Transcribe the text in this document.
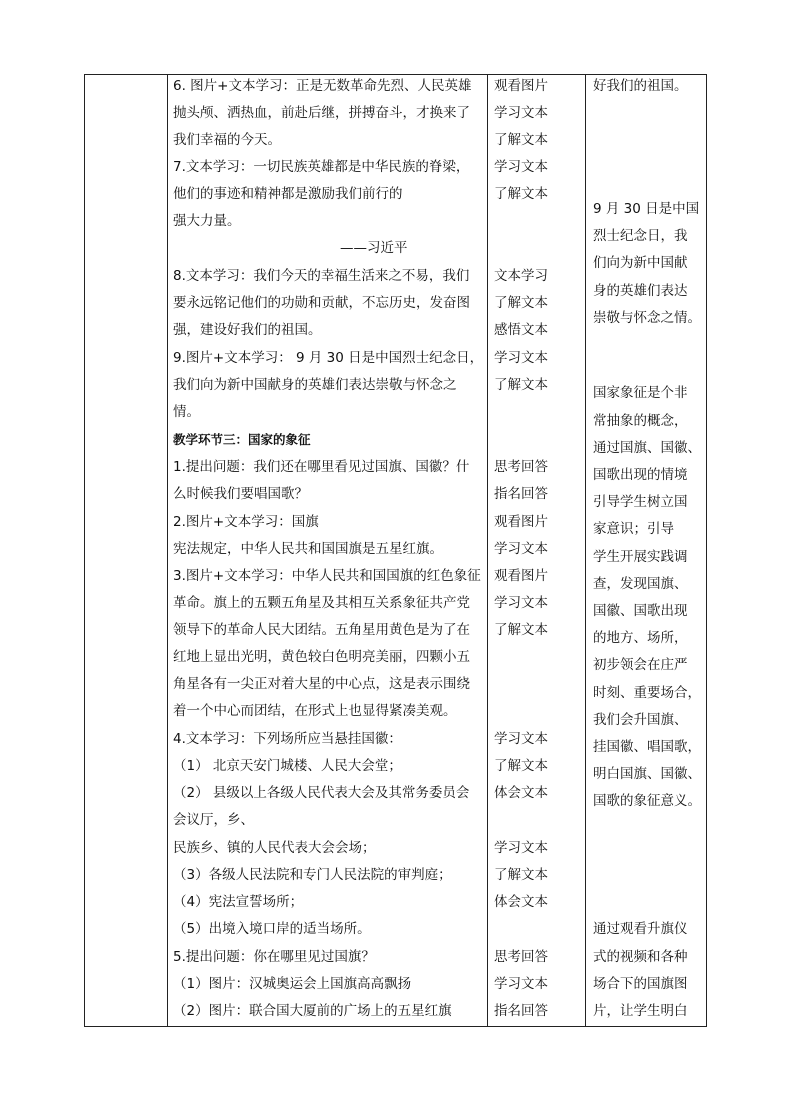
6. 图片+文本学习：正是无数革命先烈、人民英雄
抛头颅、洒热血，前赴后继，拼搏奋斗，才换来了
我们幸福的今天。
7.文本学习：一切民族英雄都是中华民族的脊梁，
他们的事迹和精神都是激励我们前行的
强大力量。
——习近平
8.文本学习：我们今天的幸福生活来之不易，我们
要永远铭记他们的功勋和贡献，不忘历史，发奋图
强，建设好我们的祖国。
9.图片+文本学习： 9 月 30 日是中国烈士纪念日，
我们向为新中国献身的英雄们表达崇敬与怀念之
情。
教学环节三：国家的象征
1.提出问题：我们还在哪里看见过国旗、国徽？什
么时候我们要唱国歌？
2.图片+文本学习：国旗
宪法规定，中华人民共和国国旗是五星红旗。
3.图片+文本学习：中华人民共和国国旗的红色象征
革命。旗上的五颗五角星及其相互关系象征共产党
领导下的革命人民大团结。五角星用黄色是为了在
红地上显出光明，黄色较白色明亮美丽，四颗小五
角星各有一尖正对着大星的中心点，这是表示围绕
着一个中心而团结，在形式上也显得紧凑美观。
4.文本学习：下列场所应当悬挂国徽：
（1） 北京天安门城楼、人民大会堂；
（2） 县级以上各级人民代表大会及其常务委员会
会议厅，乡、
民族乡、镇的人民代表大会会场；
（3）各级人民法院和专门人民法院的审判庭；
（4）宪法宣誓场所；
（5）出境入境口岸的适当场所。
5.提出问题：你在哪里见过国旗？
（1）图片：汉城奥运会上国旗高高飘扬
（2）图片：联合国大厦前的广场上的五星红旗
观看图片
学习文本
了解文本
学习文本
了解文本
文本学习
了解文本
感悟文本
学习文本
了解文本
思考回答
指名回答
观看图片
学习文本
观看图片
学习文本
了解文本
学习文本
了解文本
体会文本
学习文本
了解文本
体会文本
思考回答
学习文本
指名回答
好我们的祖国。
9 月 30 日是中国
烈士纪念日，我
们向为新中国献
身的英雄们表达
崇敬与怀念之情。
国家象征是个非
常抽象的概念，
通过国旗、国徽、
国歌出现的情境
引导学生树立国
家意识；引导
学生开展实践调
查，发现国旗、
国徽、国歌出现
的地方、场所，
初步领会在庄严
时刻、重要场合，
我们会升国旗、
挂国徽、唱国歌，
明白国旗、国徽、
国歌的象征意义。
通过观看升旗仪
式的视频和各种
场合下的国旗图
片，让学生明白
